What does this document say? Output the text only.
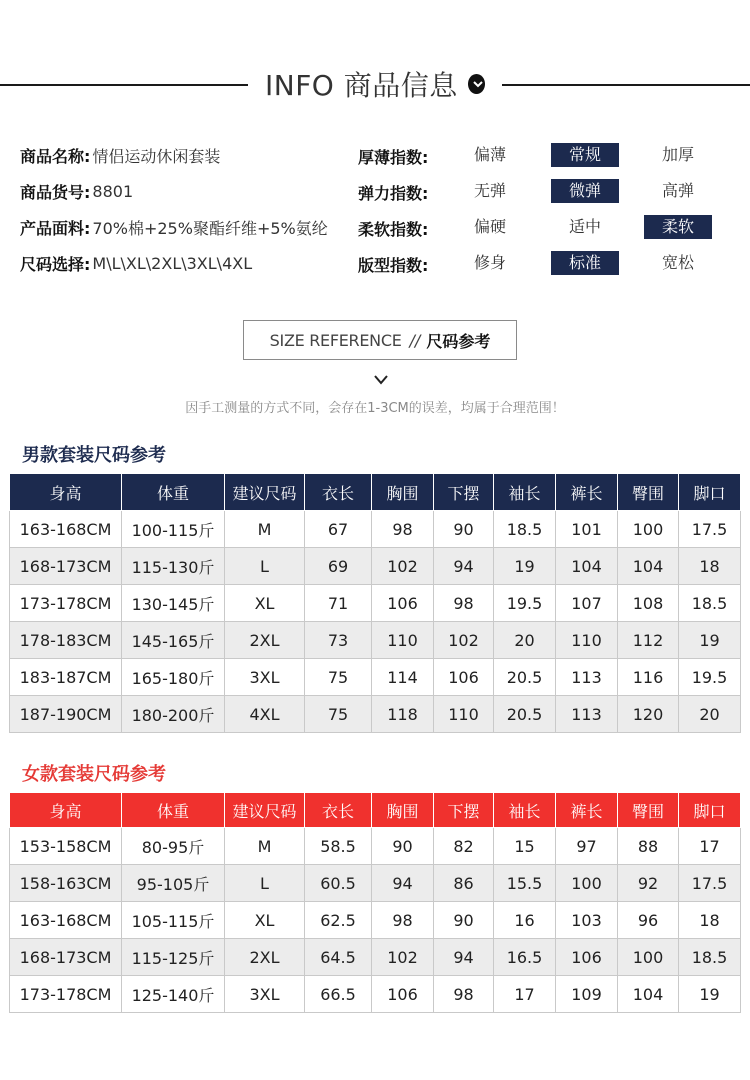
INFO 商品信息
商品名称: 情侣运动休闲套装
商品货号: 8801
产品面料: 70%棉+25%聚酯纤维+5%氨纶
尺码选择: M\L\XL\2XL\3XL\4XL
厚薄指数:	偏薄	常规	加厚
弹力指数:	无弹	微弹	高弹
柔软指数:	偏硬	适中	柔软
版型指数:	修身	标准	宽松
SIZE REFERENCE // 尺码参考
因手工测量的方式不同，会存在1-3CM的误差，均属于合理范围！
男款套装尺码参考
身高	体重	建议尺码	衣长	胸围	下摆	袖长	裤长	臀围	脚口
163-168CM	100-115斤	M	67	98	90	18.5	101	100	17.5
168-173CM	115-130斤	L	69	102	94	19	104	104	18
173-178CM	130-145斤	XL	71	106	98	19.5	107	108	18.5
178-183CM	145-165斤	2XL	73	110	102	20	110	112	19
183-187CM	165-180斤	3XL	75	114	106	20.5	113	116	19.5
187-190CM	180-200斤	4XL	75	118	110	20.5	113	120	20
女款套装尺码参考
身高	体重	建议尺码	衣长	胸围	下摆	袖长	裤长	臀围	脚口
153-158CM	80-95斤	M	58.5	90	82	15	97	88	17
158-163CM	95-105斤	L	60.5	94	86	15.5	100	92	17.5
163-168CM	105-115斤	XL	62.5	98	90	16	103	96	18
168-173CM	115-125斤	2XL	64.5	102	94	16.5	106	100	18.5
173-178CM	125-140斤	3XL	66.5	106	98	17	109	104	19
